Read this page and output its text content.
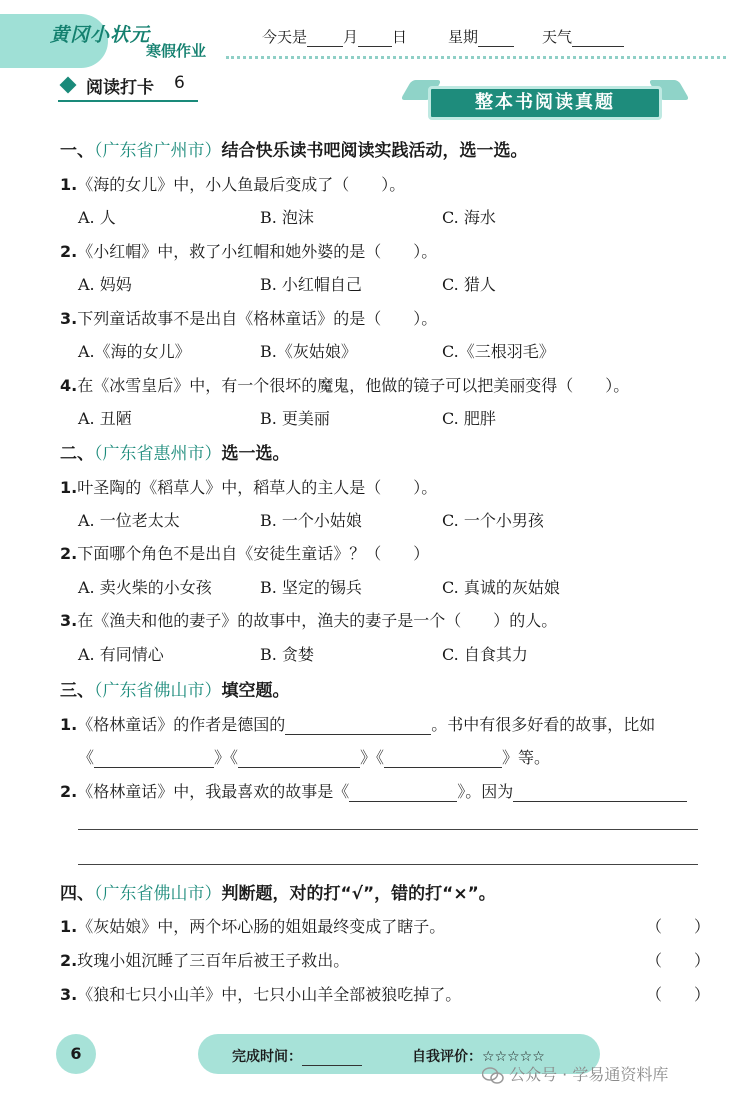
黄冈小状元
寒假作业
今天是 月 日	星期	天气
阅读打卡 6
整本书阅读真题
一、（广东省广州市）结合快乐读书吧阅读实践活动，选一选。
1.《海的女儿》中，小人鱼最后变成了（　　）。
A. 人	B. 泡沫	C. 海水
2.《小红帽》中，救了小红帽和她外婆的是（　　）。
A. 妈妈	B. 小红帽自己	C. 猎人
3.下列童话故事不是出自《格林童话》的是（　　）。
A.《海的女儿》	B.《灰姑娘》	C.《三根羽毛》
4.在《冰雪皇后》中，有一个很坏的魔鬼，他做的镜子可以把美丽变得（　　）。
A. 丑陋	B. 更美丽	C. 肥胖
二、（广东省惠州市）选一选。
1.叶圣陶的《稻草人》中，稻草人的主人是（　　）。
A. 一位老太太	B. 一个小姑娘	C. 一个小男孩
2.下面哪个角色不是出自《安徒生童话》？（　　）
A. 卖火柴的小女孩	B. 坚定的锡兵	C. 真诚的灰姑娘
3.在《渔夫和他的妻子》的故事中，渔夫的妻子是一个（　　）的人。
A. 有同情心	B. 贪婪	C. 自食其力
三、（广东省佛山市）填空题。
1.《格林童话》的作者是德国的	。书中有很多好看的故事，比如
《	》《	》《	》等。
2.《格林童话》中，我最喜欢的故事是《	》。因为
四、（广东省佛山市）判断题，对的打“√”，错的打“×”。
1.《灰姑娘》中，两个坏心肠的姐姐最终变成了瞎子。	（　　）
2.玫瑰小姐沉睡了三百年后被王子救出。	（　　）
3.《狼和七只小山羊》中，七只小山羊全部被狼吃掉了。	（　　）
6	完成时间：	自我评价：☆☆☆☆☆
公众号 · 学易通资料库
